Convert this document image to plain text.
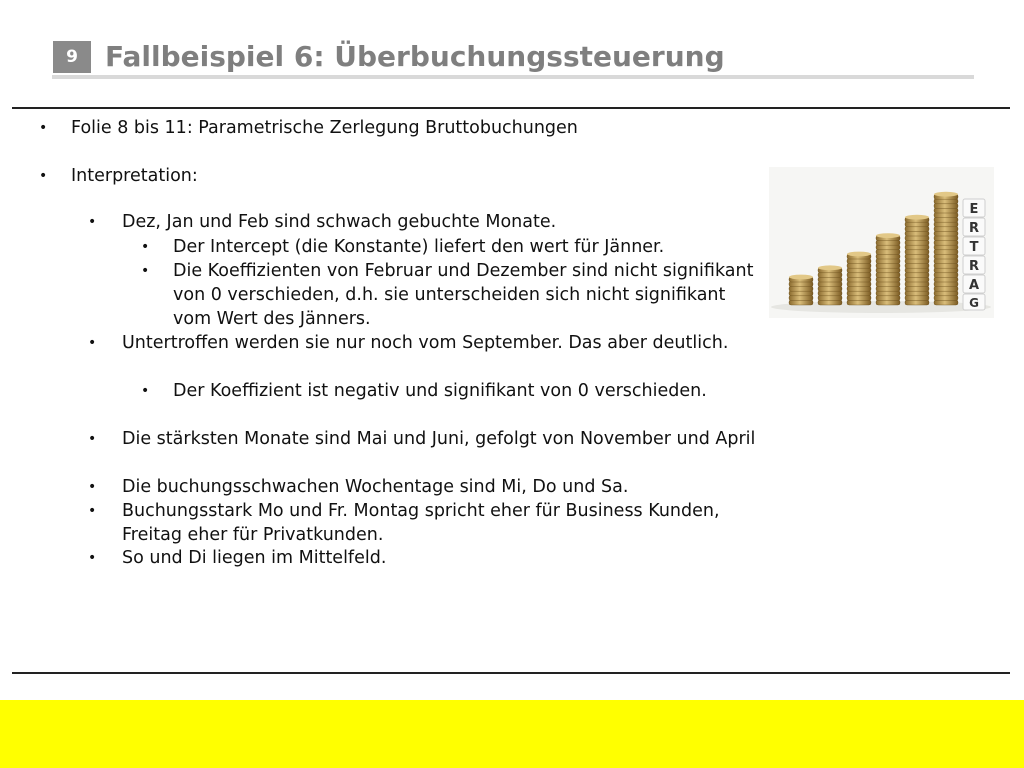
9 Fallbeispiel 6: Überbuchungssteuerung
• Folie 8 bis 11: Parametrische Zerlegung Bruttobuchungen
• Interpretation:
• Dez, Jan und Feb sind schwach gebuchte Monate.
• Der Intercept (die Konstante) liefert den wert für Jänner.
• Die Koeffizienten von Februar und Dezember sind nicht signifikant von 0 verschieden, d.h. sie unterscheiden sich nicht signifikant vom Wert des Jänners.
• Untertroffen werden sie nur noch vom September. Das aber deutlich.
• Der Koeffizient ist negativ und signifikant von 0 verschieden.
• Die stärksten Monate sind Mai und Juni, gefolgt von November und April
• Die buchungsschwachen Wochentage sind Mi, Do und Sa.
• Buchungsstark Mo und Fr. Montag spricht eher für Business Kunden, Freitag eher für Privatkunden.
• So und Di liegen im Mittelfeld.
E
R
T
R
A
G
